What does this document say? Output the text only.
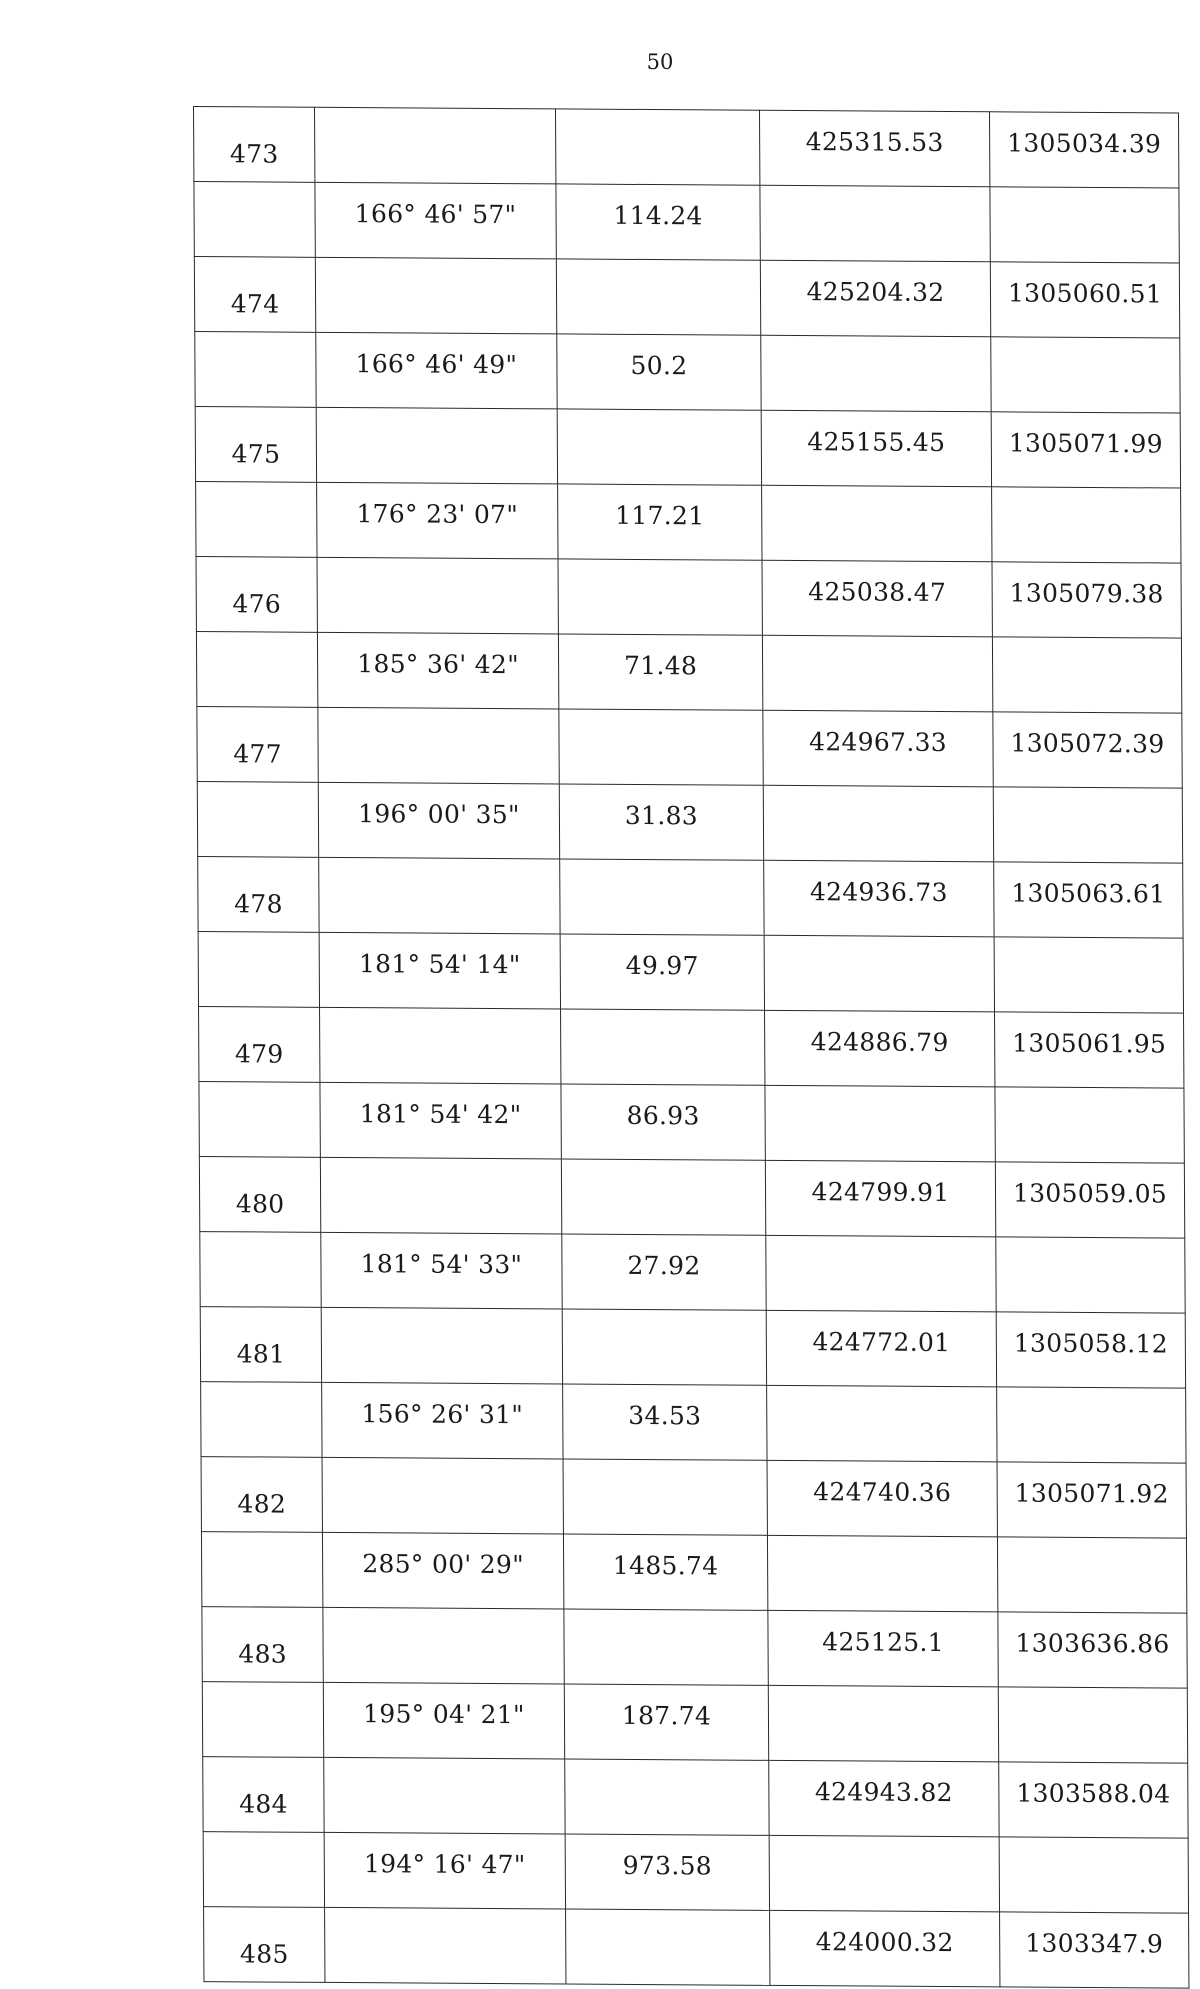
50
473			425315.53	1305034.39
	166° 46' 57"	114.24		
474			425204.32	1305060.51
	166° 46' 49"	50.2		
475			425155.45	1305071.99
	176° 23' 07"	117.21		
476			425038.47	1305079.38
	185° 36' 42"	71.48		
477			424967.33	1305072.39
	196° 00' 35"	31.83		
478			424936.73	1305063.61
	181° 54' 14"	49.97		
479			424886.79	1305061.95
	181° 54' 42"	86.93		
480			424799.91	1305059.05
	181° 54' 33"	27.92		
481			424772.01	1305058.12
	156° 26' 31"	34.53		
482			424740.36	1305071.92
	285° 00' 29"	1485.74		
483			425125.1	1303636.86
	195° 04' 21"	187.74		
484			424943.82	1303588.04
	194° 16' 47"	973.58		
485			424000.32	1303347.9
